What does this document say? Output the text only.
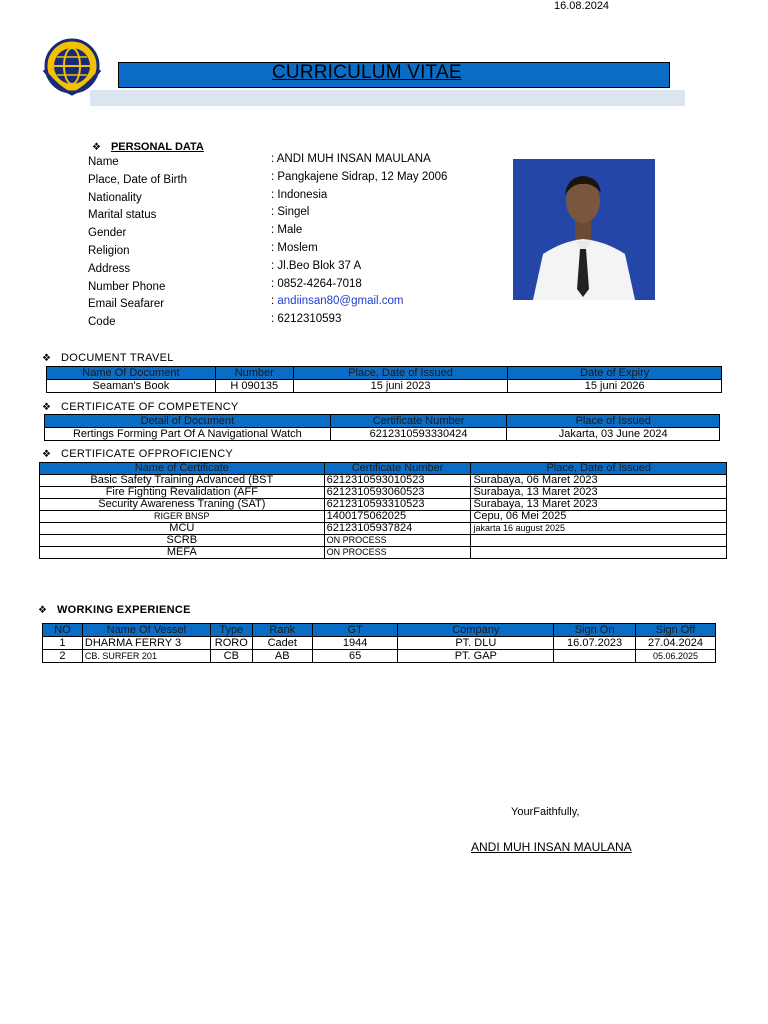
16.08.2024
CURRICULUM VITAE
❖ PERSONAL DATA
Name	: ANDI MUH INSAN MAULANA
Place, Date of Birth	: Pangkajene Sidrap, 12 May 2006
Nationality	: Indonesia
Marital status	: Singel
Gender	: Male
Religion	: Moslem
Address	: Jl.Beo Blok 37 A
Number Phone	: 0852-4264-7018
Email Seafarer	: andiinsan80@gmail.com
Code	: 6212310593
❖ DOCUMENT TRAVEL
Name Of Document	Number	Place, Date of Issued	Date of Expiry
Seaman's Book	H 090135	15 juni 2023	15 juni 2026
❖ CERTIFICATE OF COMPETENCY
Detail of Document	Certificate Number	Place of Issued
Rertings Forming Part Of A Navigational Watch	6212310593330424	Jakarta, 03 June 2024
❖ CERTIFICATE OFPROFICIENCY
Name of Certificate	Certificate Number	Place, Date of Issued
Basic Safety Training Advanced (BST	6212310593010523	Surabaya, 06 Maret 2023
Fire Fighting Revalidation (AFF	6212310593060523	Surabaya, 13 Maret 2023
Security Awareness Traning (SAT)	6212310593310523	Surabaya, 13 Maret 2023
RIGER BNSP	1400175062025	Cepu, 06 Mei 2025
MCU	62123105937824	jakarta 16 august 2025
SCRB	ON PROCESS	
MEFA	ON PROCESS	
❖ WORKING EXPERIENCE
NO	Name Of Vessel	Type	Rank	GT	Company	Sign On	Sign Off
1	DHARMA FERRY 3	RORO	Cadet	1944	PT. DLU	16.07.2023	27.04.2024
2	CB. SURFER 201	CB	AB	65	PT. GAP		05.06.2025
YourFaithfully,
ANDI MUH INSAN MAULANA
